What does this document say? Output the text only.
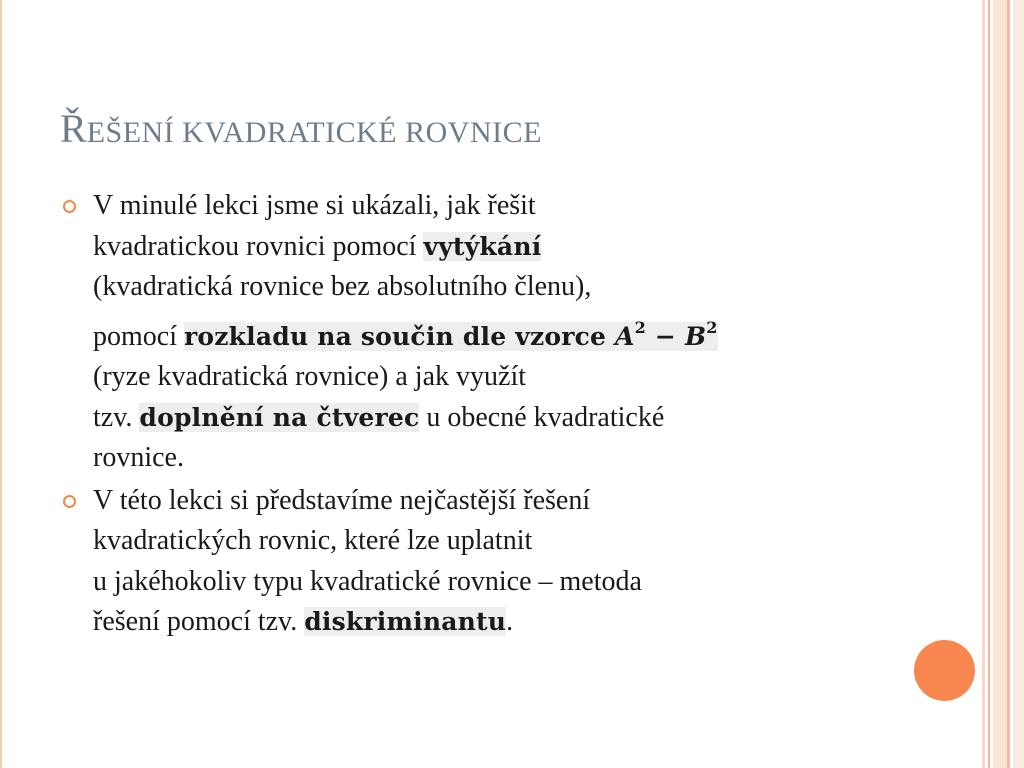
ŘEŠENÍ KVADRATICKÉ ROVNICE
V minulé lekci jsme si ukázali, jak řešit
kvadratickou rovnici pomocí vytýkání
(kvadratická rovnice bez absolutního členu),
pomocí rozkladu na součin dle vzorce $A^2 - B^2$
(ryze kvadratická rovnice) a jak využít
tzv. doplnění na čtverec u obecné kvadratické
rovnice.
V této lekci si představíme nejčastější řešení
kvadratických rovnic, které lze uplatnit
u jakéhokoliv typu kvadratické rovnice – metoda
řešení pomocí tzv. diskriminantu.
